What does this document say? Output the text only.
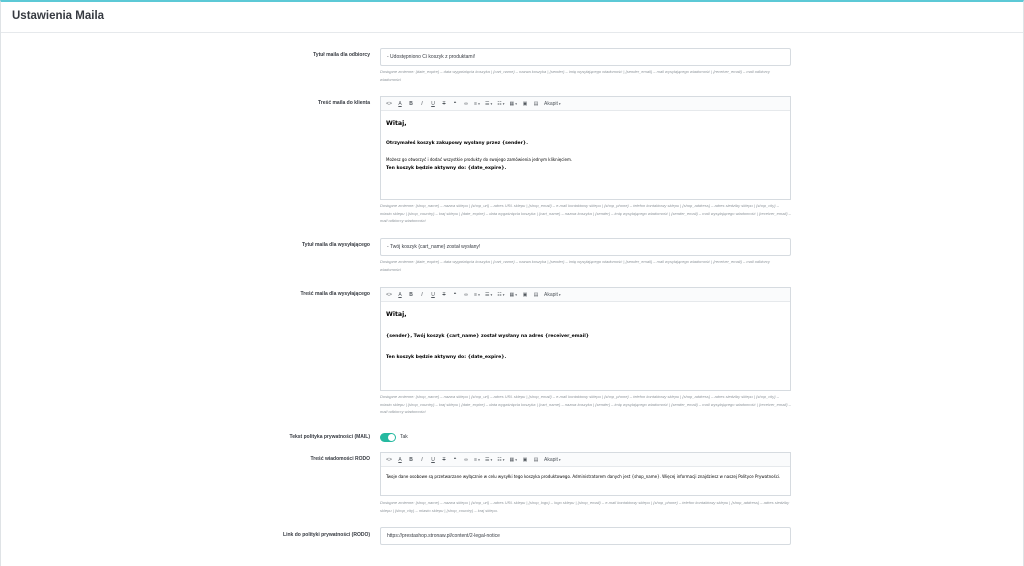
Ustawienia Maila
Tytuł maila dla odbiorcy	- Udostępniono Ci koszyk z produktami!
Dostępne zmienne: {date_expire} – data wygaśnięcia koszyka | {cart_name} – nazwa koszyka | {sender} – imię wysyłającego wiadomość | {sender_email} – mail wysyłającego wiadomość | {receiver_email} – mail odbiorcy wiadomości
Treść maila do klienta	<> A B	I	U T	❝	∞ ≡ ▾ ☰ ▾ ☷ ▾ ▦ ▾ ▣ ▤ Akapit ▾
Witaj,
Otrzymałeś koszyk zakupowy wysłany przez {sender}.
Możesz go otworzyć i dodać wszystkie produkty do swojego zamówienia jednym kliknięciem.
Ten koszyk będzie aktywny do: {date_expire}.
Dostępne zmienne: {shop_name} – nazwa sklepu | {shop_url} – adres URL sklepu | {shop_email} – e-mail kontaktowy sklepu | {shop_phone} – telefon kontaktowy sklepu | {shop_address} – adres siedziby sklepu | {shop_city} – miasto sklepu | {shop_country} – kraj sklepu | {date_expire} – data wygaśnięcia koszyka | {cart_name} – nazwa koszyka | {sender} – imię wysyłającego wiadomość | {sender_email} – mail wysyłającego wiadomość | {receiver_email} – mail odbiorcy wiadomości
Tytuł maila dla wysyłającego	- Twój koszyk {cart_name} został wysłany!
Dostępne zmienne: {date_expire} – data wygaśnięcia koszyka | {cart_name} – nazwa koszyka | {sender} – imię wysyłającego wiadomość | {sender_email} – mail wysyłającego wiadomość | {receiver_email} – mail odbiorcy wiadomości
Treść maila dla wysyłającego	<> A B	I	U T	❝	∞ ≡ ▾ ☰ ▾ ☷ ▾ ▦ ▾ ▣ ▤ Akapit ▾
Witaj,
{sender}, Twój koszyk {cart_name} został wysłany na adres {receiver_email}
Ten koszyk będzie aktywny do: {date_expire}.
Dostępne zmienne: {shop_name} – nazwa sklepu | {shop_url} – adres URL sklepu | {shop_email} – e-mail kontaktowy sklepu | {shop_phone} – telefon kontaktowy sklepu | {shop_address} – adres siedziby sklepu | {shop_city} – miasto sklepu | {shop_country} – kraj sklepu | {date_expire} – data wygaśnięcia koszyka | {cart_name} – nazwa koszyka | {sender} – imię wysyłającego wiadomość | {sender_email} – mail wysyłającego wiadomość | {receiver_email} – mail odbiorcy wiadomości
Tekst polityka prywatności (MAIL)	Tak
Treść wiadomości RODO	<> A B	I	U T	❝	∞ ≡ ▾ ☰ ▾ ☷ ▾ ▦ ▾ ▣ ▤ Akapit ▾
Twoje dane osobowe są przetwarzane wyłącznie w celu wysyłki tego koszyka produktowego. Administratorem danych jest {shop_name}. Więcej informacji znajdziesz w naszej Polityce Prywatności.
Dostępne zmienne: {shop_name} – nazwa sklepu | {shop_url} – adres URL sklepu | {shop_logo} – logo sklepu | {shop_email} – e-mail kontaktowy sklepu | {shop_phone} – telefon kontaktowy sklepu | {shop_address} – adres siedziby sklepu | {shop_city} – miasto sklepu | {shop_country} – kraj sklepu.
Link do polityki prywatności (RODO)	https://prestashop.stronaw.pl/content/2-legal-notice
